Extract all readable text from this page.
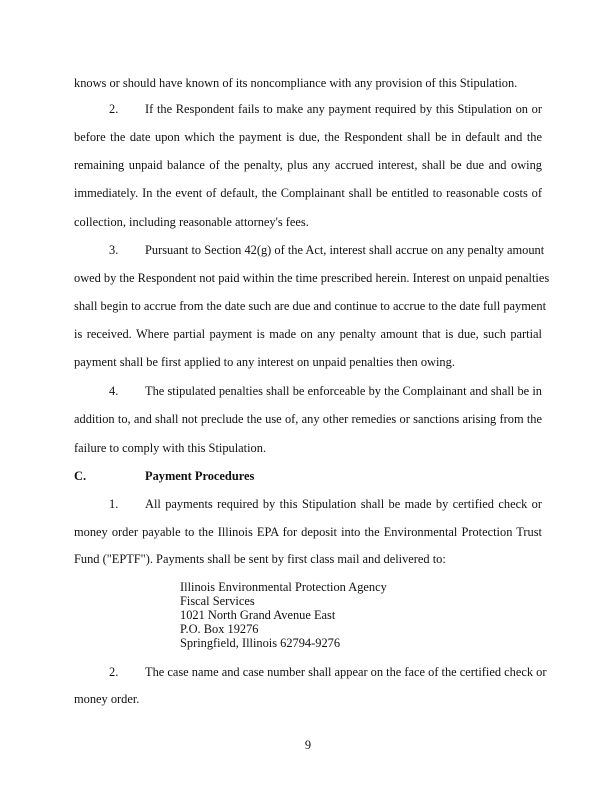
knows or should have known of its noncompliance with any provision of this Stipulation.
2. If the Respondent fails to make any payment required by this Stipulation on or
before the date upon which the payment is due, the Respondent shall be in default and the
remaining unpaid balance of the penalty, plus any accrued interest, shall be due and owing
immediately. In the event of default, the Complainant shall be entitled to reasonable costs of
collection, including reasonable attorney's fees.
3. Pursuant to Section 42(g) of the Act, interest shall accrue on any penalty amount
owed by the Respondent not paid within the time prescribed herein. Interest on unpaid penalties
shall begin to accrue from the date such are due and continue to accrue to the date full payment
is received. Where partial payment is made on any penalty amount that is due, such partial
payment shall be first applied to any interest on unpaid penalties then owing.
4. The stipulated penalties shall be enforceable by the Complainant and shall be in
addition to, and shall not preclude the use of, any other remedies or sanctions arising from the
failure to comply with this Stipulation.
C.	Payment Procedures
1. All payments required by this Stipulation shall be made by certified check or
money order payable to the Illinois EPA for deposit into the Environmental Protection Trust
Fund ("EPTF"). Payments shall be sent by first class mail and delivered to:
Illinois Environmental Protection Agency
Fiscal Services
1021 North Grand Avenue East
P.O. Box 19276
Springfield, Illinois 62794-9276
2. The case name and case number shall appear on the face of the certified check or
money order.
9
